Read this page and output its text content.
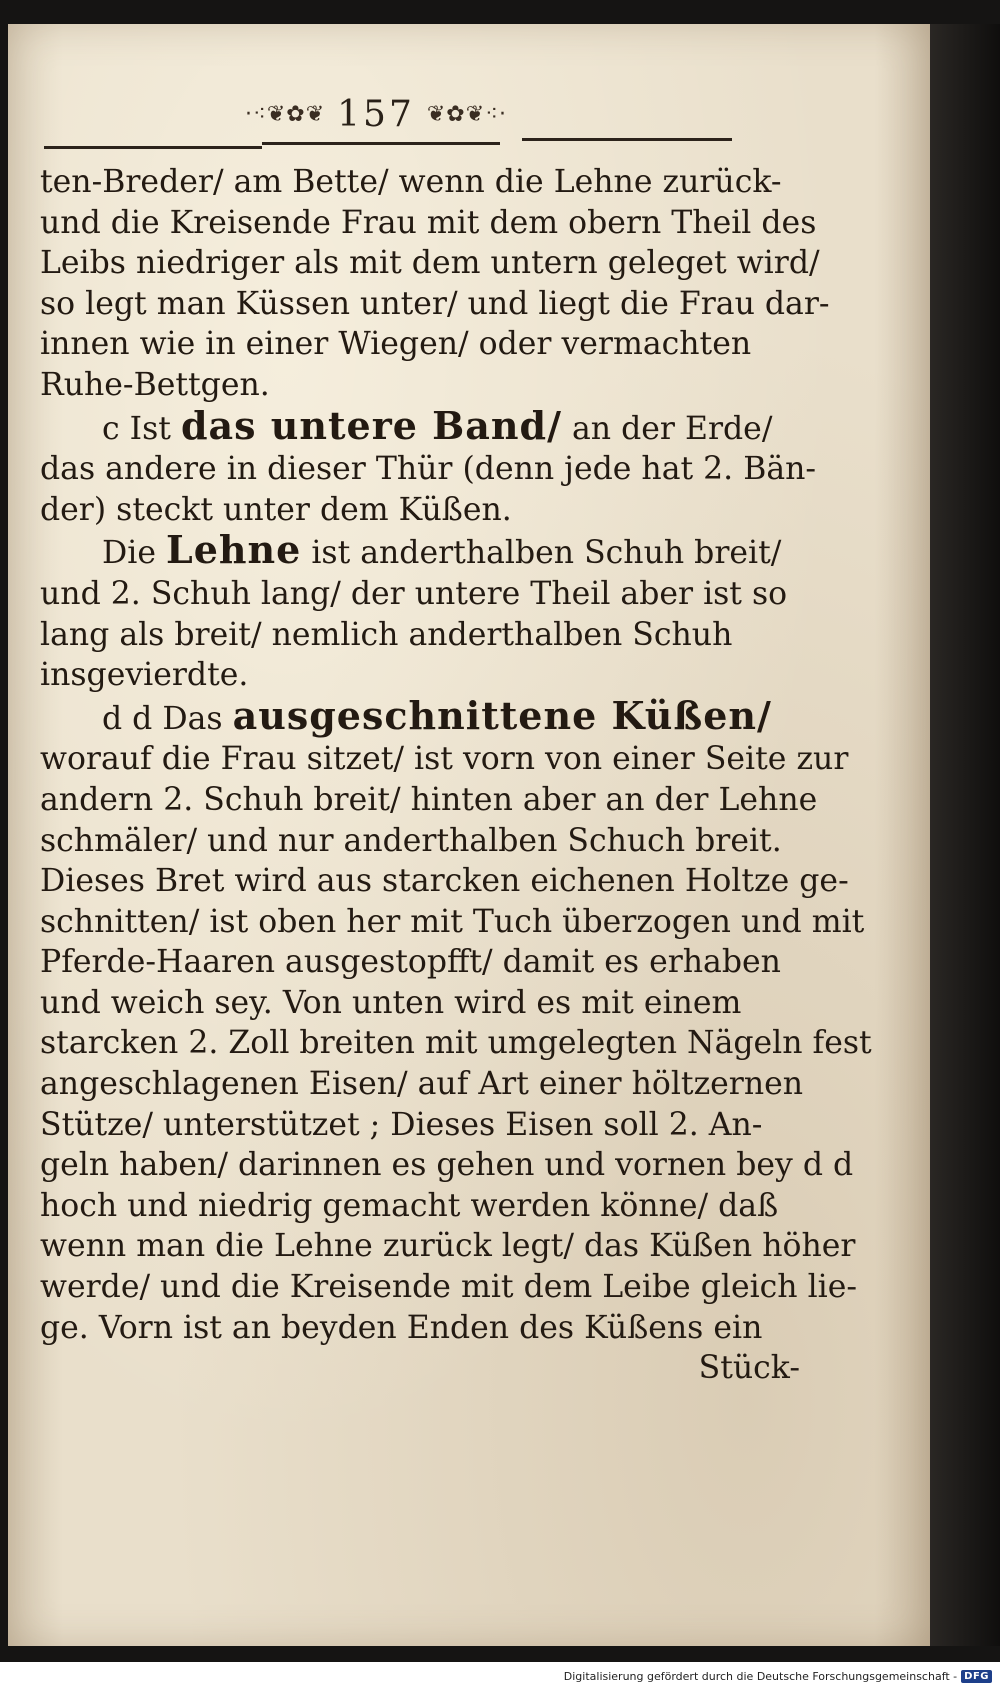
·⁖❦✿❦ 157 ❦✿❦⁖·
ten-Breder/ am Bette/ wenn die Lehne zurück-
und die Kreisende Frau mit dem obern Theil des
Leibs niedriger als mit dem untern geleget wird/
so legt man Küssen unter/ und liegt die Frau dar-
innen wie in einer Wiegen/ oder vermachten
Ruhe-Bettgen.
c Ist das untere Band/ an der Erde/
das andere in dieser Thür (denn jede hat 2. Bän-
der) steckt unter dem Küßen.
Die Lehne ist anderthalben Schuh breit/
und 2. Schuh lang/ der untere Theil aber ist so
lang als breit/ nemlich anderthalben Schuh
insgevierdte.
d d Das ausgeschnittene Küßen/
worauf die Frau sitzet/ ist vorn von einer Seite zur
andern 2. Schuh breit/ hinten aber an der Lehne
schmäler/ und nur anderthalben Schuch breit.
Dieses Bret wird aus starcken eichenen Holtze ge-
schnitten/ ist oben her mit Tuch überzogen und mit
Pferde-Haaren ausgestopfft/ damit es erhaben
und weich sey. Von unten wird es mit einem
starcken 2. Zoll breiten mit umgelegten Nägeln fest
angeschlagenen Eisen/ auf Art einer höltzernen
Stütze/ unterstützet ; Dieses Eisen soll 2. An-
geln haben/ darinnen es gehen und vornen bey d d
hoch und niedrig gemacht werden könne/ daß
wenn man die Lehne zurück legt/ das Küßen höher
werde/ und die Kreisende mit dem Leibe gleich lie-
ge. Vorn ist an beyden Enden des Küßens ein
Stück-
Digitalisierung gefördert durch die Deutsche Forschungsgemeinschaft - DFG
